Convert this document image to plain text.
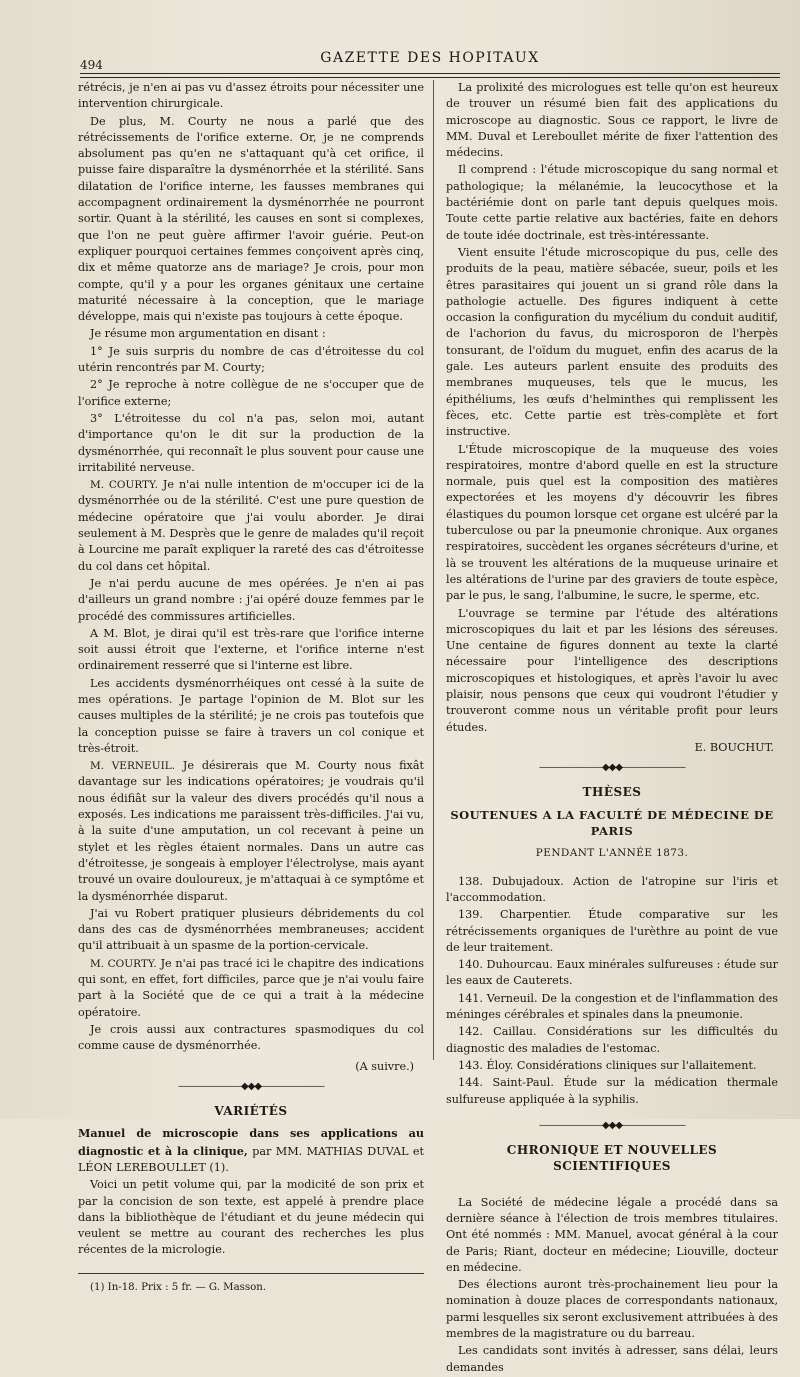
494	GAZETTE DES HOPITAUX

rétrécis, je n'en ai pas vu d'assez étroits pour nécessiter une intervention chirurgicale.

De plus, M. Courty ne nous a parlé que des rétrécissements de l'orifice externe. Or, je ne comprends absolument pas qu'en ne s'attaquant qu'à cet orifice, il puisse faire disparaître la dysménorrhée et la stérilité. Sans dilatation de l'orifice interne, les fausses membranes qui accompagnent ordinairement la dysménorrhée ne pourront sortir. Quant à la stérilité, les causes en sont si complexes, que l'on ne peut guère affirmer l'avoir guérie. Peut-on expliquer pourquoi certaines femmes conçoivent après cinq, dix et même quatorze ans de mariage? Je crois, pour mon compte, qu'il y a pour les organes génitaux une certaine maturité nécessaire à la conception, que le mariage développe, mais qui n'existe pas toujours à cette époque.

Je résume mon argumentation en disant :

1° Je suis surpris du nombre de cas d'étroitesse du col utérin rencontrés par M. Courty;

2° Je reproche à notre collègue de ne s'occuper que de l'orifice externe;

3° L'étroitesse du col n'a pas, selon moi, autant d'importance qu'on le dit sur la production de la dysménorrhée, qui reconnaît le plus souvent pour cause une irritabilité nerveuse.

M. COURTY. Je n'ai nulle intention de m'occuper ici de la dysménorrhée ou de la stérilité. C'est une pure question de médecine opératoire que j'ai voulu aborder. Je dirai seulement à M. Desprès que le genre de malades qu'il reçoit à Lourcine me paraît expliquer la rareté des cas d'étroitesse du col dans cet hôpital.

Je n'ai perdu aucune de mes opérées. Je n'en ai pas d'ailleurs un grand nombre : j'ai opéré douze femmes par le procédé des commissures artificielles.

A M. Blot, je dirai qu'il est très-rare que l'orifice interne soit aussi étroit que l'externe, et l'orifice interne n'est ordinairement resserré que si l'interne est libre.

Les accidents dysménorrhéiques ont cessé à la suite de mes opérations. Je partage l'opinion de M. Blot sur les causes multiples de la stérilité; je ne crois pas toutefois que la conception puisse se faire à travers un col conique et très-étroit.

M. VERNEUIL. Je désirerais que M. Courty nous fixât davantage sur les indications opératoires; je voudrais qu'il nous édifiât sur la valeur des divers procédés qu'il nous a exposés. Les indications me paraissent très-difficiles. J'ai vu, à la suite d'une amputation, un col recevant à peine un stylet et les règles étaient normales. Dans un autre cas d'étroitesse, je songeais à employer l'électrolyse, mais ayant trouvé un ovaire douloureux, je m'attaquai à ce symptôme et la dysménorrhée disparut.

J'ai vu Robert pratiquer plusieurs débridements du col dans des cas de dysménorrhées membraneuses; accident qu'il attribuait à un spasme de la portion-cervicale.

M. COURTY. Je n'ai pas tracé ici le chapitre des indications qui sont, en effet, fort difficiles, parce que je n'ai voulu faire part à la Société que de ce qui a trait à la médecine opératoire.

Je crois aussi aux contractures spasmodiques du col comme cause de dysménorrhée.

(A suivre.)
———————◆◆◆———————
VARIÉTÉS

Manuel de microscopie dans ses applications au diagnostic et à la clinique, par MM. MATHIAS DUVAL et LÉON LEREBOULLET (1).

Voici un petit volume qui, par la modicité de son prix et par la concision de son texte, est appelé à prendre place dans la bibliothèque de l'étudiant et du jeune médecin qui veulent se mettre au courant des recherches les plus récentes de la micrologie.

(1) In-18. Prix : 5 fr. — G. Masson.

La prolixité des micrologues est telle qu'on est heureux de trouver un résumé bien fait des applications du microscope au diagnostic. Sous ce rapport, le livre de MM. Duval et Lereboullet mérite de fixer l'attention des médecins.

Il comprend : l'étude microscopique du sang normal et pathologique; la mélanémie, la leucocythose et la bactériémie dont on parle tant depuis quelques mois. Toute cette partie relative aux bactéries, faite en dehors de toute idée doctrinale, est très-intéressante.

Vient ensuite l'étude microscopique du pus, celle des produits de la peau, matière sébacée, sueur, poils et les êtres parasitaires qui jouent un si grand rôle dans la pathologie actuelle. Des figures indiquent à cette occasion la configuration du mycélium du conduit auditif, de l'achorion du favus, du microsporon de l'herpès tonsurant, de l'oïdum du muguet, enfin des acarus de la gale. Les auteurs parlent ensuite des produits des membranes muqueuses, tels que le mucus, les épithéliums, les œufs d'helminthes qui remplissent les fèces, etc. Cette partie est très-complète et fort instructive.

L'Étude microscopique de la muqueuse des voies respiratoires, montre d'abord quelle en est la structure normale, puis quel est la composition des matières expectorées et les moyens d'y découvrir les fibres élastiques du poumon lorsque cet organe est ulcéré par la tuberculose ou par la pneumonie chronique. Aux organes respiratoires, succèdent les organes sécréteurs d'urine, et là se trouvent les altérations de la muqueuse urinaire et les altérations de l'urine par des graviers de toute espèce, par le pus, le sang, l'albumine, le sucre, le sperme, etc.

L'ouvrage se termine par l'étude des altérations microscopiques du lait et par les lésions des séreuses. Une centaine de figures donnent au texte la clarté nécessaire pour l'intelligence des descriptions microscopiques et histologiques, et après l'avoir lu avec plaisir, nous pensons que ceux qui voudront l'étudier y trouveront comme nous un véritable profit pour leurs études.

E. BOUCHUT.
———————◆◆◆———————
THÈSES
SOUTENUES A LA FACULTÉ DE MÉDECINE DE PARIS
PENDANT L'ANNÉE 1873.

138. Dubujadoux. Action de l'atropine sur l'iris et l'accommodation.

139. Charpentier. Étude comparative sur les rétrécissements organiques de l'urèthre au point de vue de leur traitement.

140. Duhourcau. Eaux minérales sulfureuses : étude sur les eaux de Cauterets.

141. Verneuil. De la congestion et de l'inflammation des méninges cérébrales et spinales dans la pneumonie.

142. Caillau. Considérations sur les difficultés du diagnostic des maladies de l'estomac.

143. Éloy. Considérations cliniques sur l'allaitement.

144. Saint-Paul. Étude sur la médication thermale sulfureuse appliquée à la syphilis.

———————◆◆◆———————
CHRONIQUE ET NOUVELLES SCIENTIFIQUES

La Société de médecine légale a procédé dans sa dernière séance à l'élection de trois membres titulaires. Ont été nommés : MM. Manuel, avocat général à la cour de Paris; Riant, docteur en médecine; Liouville, docteur en médecine.

Des élections auront très-prochainement lieu pour la nomination à douze places de correspondants nationaux, parmi lesquelles six seront exclusivement attribuées à des membres de la magistrature ou du barreau.

Les candidats sont invités à adresser, sans délai, leurs demandes
